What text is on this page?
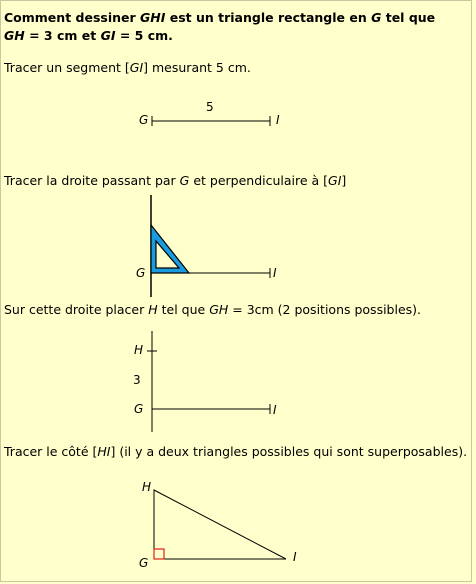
Comment dessiner GHI est un triangle rectangle en G tel que
GH = 3 cm et GI = 5 cm.
Tracer un segment [GI] mesurant 5 cm.
G	I
5
Tracer la droite passant par G et perpendiculaire à [GI]
G	I
Sur cette droite placer H tel que GH = 3cm (2 positions possibles).
H
3
G	I
Tracer le côté [HI] (il y a deux triangles possibles qui sont superposables).
H
G	I
